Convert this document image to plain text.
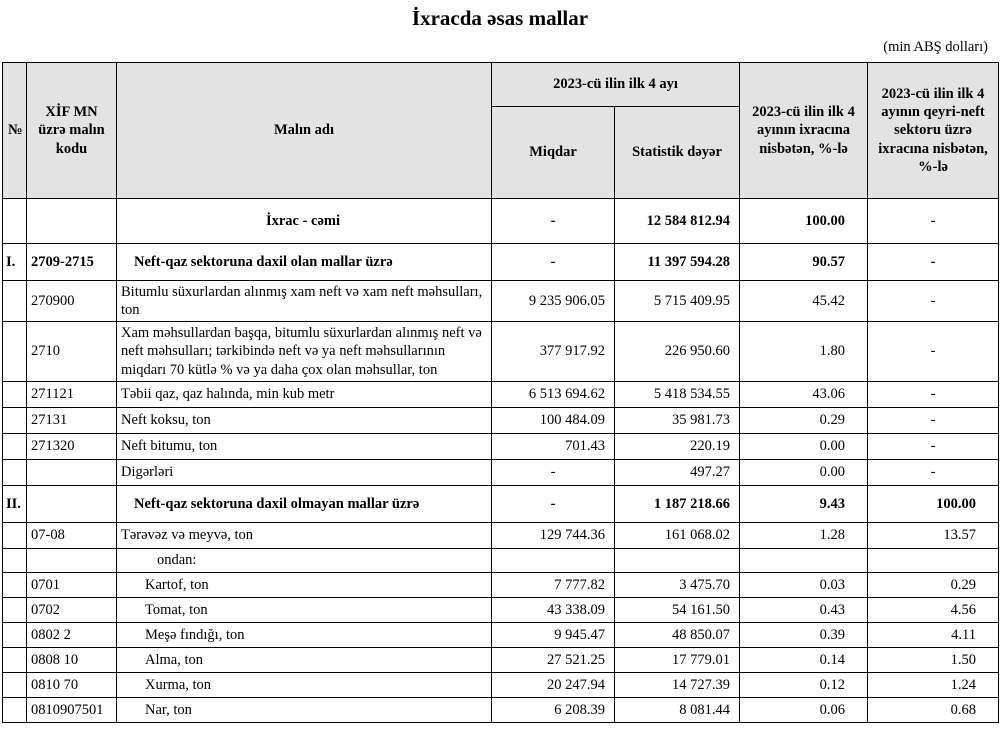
İxracda əsas mallar
(min ABŞ dolları)
№	XİF MN üzrə malın kodu	Malın adı	2023-cü ilin ilk 4 ayı		2023-cü ilin ilk 4 ayının ixracına nisbətən, %-lə	2023-cü ilin ilk 4 ayının qeyri-neft sektoru üzrə ixracına nisbətən, %-lə
			Miqdar	Statistik dəyər		
		İxrac - cəmi	-	12 584 812.94	100.00	-
I.	2709-2715	Neft-qaz sektoruna daxil olan mallar üzrə	-	11 397 594.28	90.57	-
	270900	Bitumlu süxurlardan alınmış xam neft və xam neft məhsulları, ton	9 235 906.05	5 715 409.95	45.42	-
	2710	Xam məhsullardan başqa, bitumlu süxurlardan alınmış neft və neft məhsulları; tərkibində neft və ya neft məhsullarının miqdarı 70 kütlə % və ya daha çox olan məhsullar, ton	377 917.92	226 950.60	1.80	-
	271121	Təbii qaz, qaz halında, min kub metr	6 513 694.62	5 418 534.55	43.06	-
	27131	Neft koksu, ton	100 484.09	35 981.73	0.29	-
	271320	Neft bitumu, ton	701.43	220.19	0.00	-
		Digərləri	-	497.27	0.00	-
II.		Neft-qaz sektoruna daxil olmayan mallar üzrə	-	1 187 218.66	9.43	100.00
	07-08	Tərəvəz və meyvə, ton	129 744.36	161 068.02	1.28	13.57
		ondan:				
	0701	Kartof, ton	7 777.82	3 475.70	0.03	0.29
	0702	Tomat, ton	43 338.09	54 161.50	0.43	4.56
	0802 2	Meşə fındığı, ton	9 945.47	48 850.07	0.39	4.11
	0808 10	Alma, ton	27 521.25	17 779.01	0.14	1.50
	0810 70	Xurma, ton	20 247.94	14 727.39	0.12	1.24
	0810907501	Nar, ton	6 208.39	8 081.44	0.06	0.68
